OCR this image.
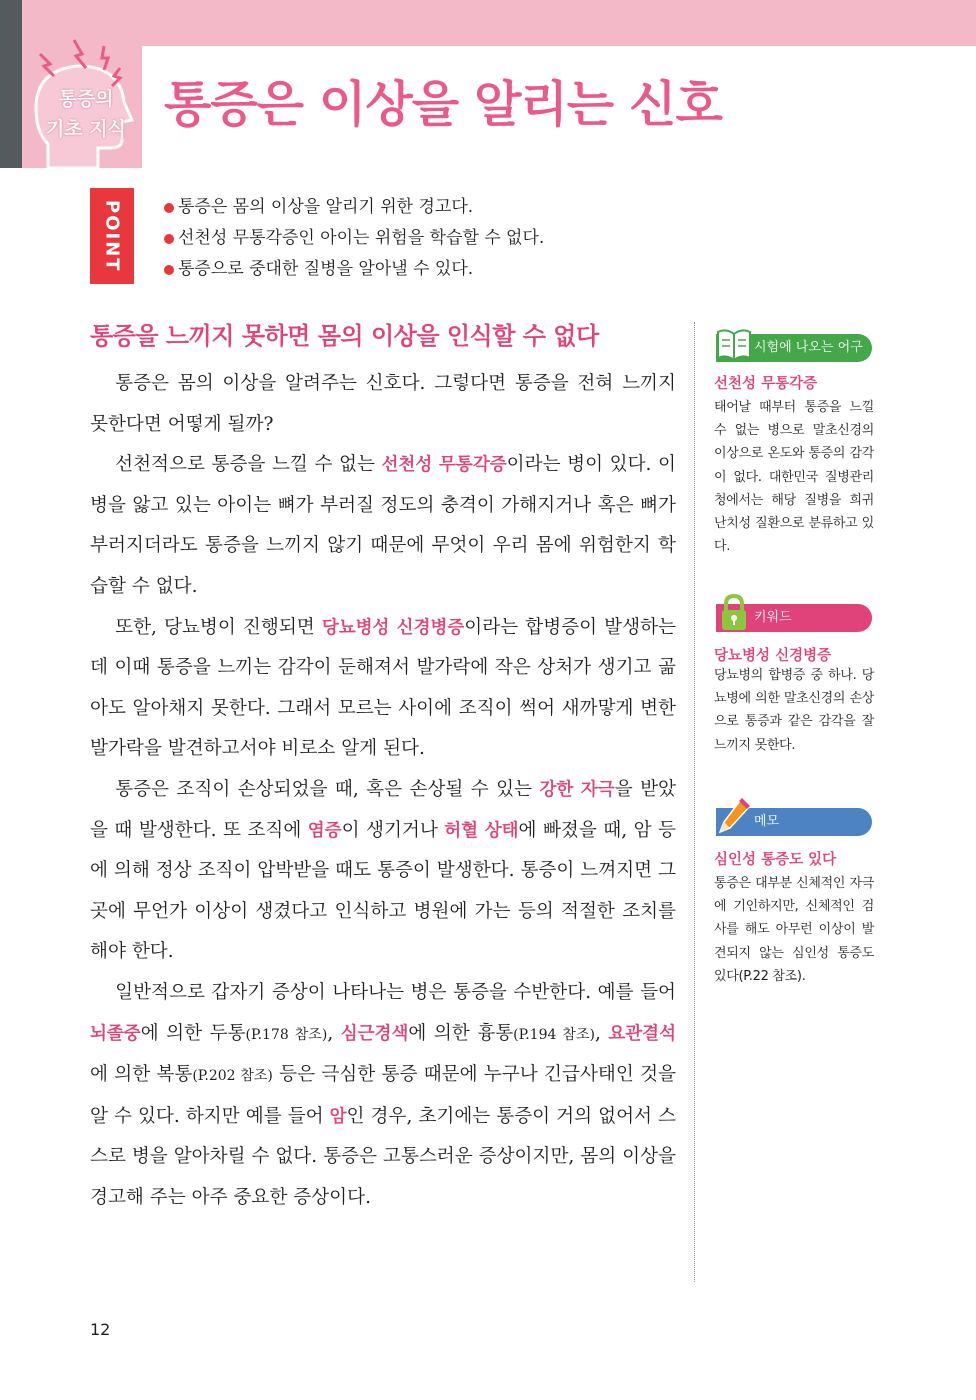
통증의
기초 지식 통증은 이상을 알리는 신호
POINT	통증은 몸의 이상을 알리기 위한 경고다.
선천성 무통각증인 아이는 위험을 학습할 수 없다.
통증으로 중대한 질병을 알아낼 수 있다.
통증을 느끼지 못하면 몸의 이상을 인식할 수 없다

통증은 몸의 이상을 알려주는 신호다. 그렇다면 통증을 전혀 느끼지 못한다면 어떻게 될까?

선천적으로 통증을 느낄 수 없는 선천성 무통각증이라는 병이 있다. 이 병을 앓고 있는 아이는 뼈가 부러질 정도의 충격이 가해지거나 혹은 뼈가 부러지더라도 통증을 느끼지 않기 때문에 무엇이 우리 몸에 위험한지 학습할 수 없다.

또한, 당뇨병이 진행되면 당뇨병성 신경병증이라는 합병증이 발생하는데 이때 통증을 느끼는 감각이 둔해져서 발가락에 작은 상처가 생기고 곪아도 알아채지 못한다. 그래서 모르는 사이에 조직이 썩어 새까맣게 변한 발가락을 발견하고서야 비로소 알게 된다.

통증은 조직이 손상되었을 때, 혹은 손상될 수 있는 강한 자극을 받았을 때 발생한다. 또 조직에 염증이 생기거나 허혈 상태에 빠졌을 때, 암 등에 의해 정상 조직이 압박받을 때도 통증이 발생한다. 통증이 느껴지면 그곳에 무언가 이상이 생겼다고 인식하고 병원에 가는 등의 적절한 조치를 해야 한다.

일반적으로 갑자기 증상이 나타나는 병은 통증을 수반한다. 예를 들어 뇌졸중에 의한 두통(P.178 참조), 심근경색에 의한 흉통(P.194 참조), 요관결석에 의한 복통(P.202 참조) 등은 극심한 통증 때문에 누구나 긴급사태인 것을 알 수 있다. 하지만 예를 들어 암인 경우, 초기에는 통증이 거의 없어서 스스로 병을 알아차릴 수 없다. 통증은 고통스러운 증상이지만, 몸의 이상을 경고해 주는 아주 중요한 증상이다.

시험에 나오는 어구
선천성 무통각증

태어날 때부터 통증을 느낄 수 없는 병으로 말초신경의 이상으로 온도와 통증의 감각이 없다. 대한민국 질병관리청에서는 해당 질병을 희귀 난치성 질환으로 분류하고 있다.

키워드
당뇨병성 신경병증

당뇨병의 합병증 중 하나. 당뇨병에 의한 말초신경의 손상으로 통증과 같은 감각을 잘 느끼지 못한다.

메모
심인성 통증도 있다

통증은 대부분 신체적인 자극에 기인하지만, 신체적인 검사를 해도 아무런 이상이 발견되지 않는 심인성 통증도 있다(P.22 참조).

12
